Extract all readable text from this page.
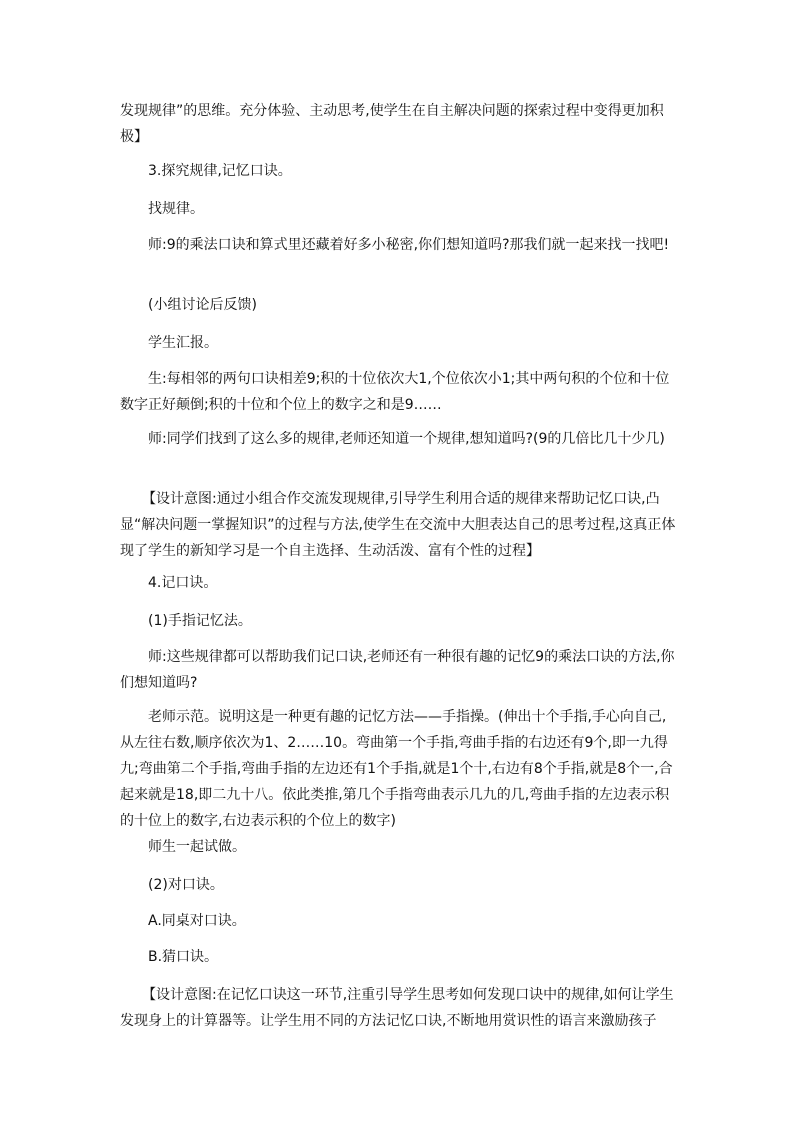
发现规律”的思维。充分体验、主动思考,使学生在自主解决问题的探索过程中变得更加积极】

3.探究规律,记忆口诀。

找规律。

师:9的乘法口诀和算式里还藏着好多小秘密,你们想知道吗?那我们就一起来找一找吧!

(小组讨论后反馈)

学生汇报。

生:每相邻的两句口诀相差9;积的十位依次大1,个位依次小1;其中两句积的个位和十位数字正好颠倒;积的十位和个位上的数字之和是9……

师:同学们找到了这么多的规律,老师还知道一个规律,想知道吗?(9的几倍比几十少几)

【设计意图:通过小组合作交流发现规律,引导学生利用合适的规律来帮助记忆口诀,凸显“解决问题一掌握知识”的过程与方法,使学生在交流中大胆表达自己的思考过程,这真正体现了学生的新知学习是一个自主选择、生动活泼、富有个性的过程】

4.记口诀。

(1)手指记忆法。

师:这些规律都可以帮助我们记口诀,老师还有一种很有趣的记忆9的乘法口诀的方法,你们想知道吗?

老师示范。说明这是一种更有趣的记忆方法——手指操。(伸出十个手指,手心向自己,从左往右数,顺序依次为1、2……10。弯曲第一个手指,弯曲手指的右边还有9个,即一九得九;弯曲第二个手指,弯曲手指的左边还有1个手指,就是1个十,右边有8个手指,就是8个一,合起来就是18,即二九十八。依此类推,第几个手指弯曲表示几九的几,弯曲手指的左边表示积的十位上的数字,右边表示积的个位上的数字)

师生一起试做。

(2)对口诀。

A.同桌对口诀。

B.猜口诀。

【设计意图:在记忆口诀这一环节,注重引导学生思考如何发现口诀中的规律,如何让学生发现身上的计算器等。让学生用不同的方法记忆口诀,不断地用赏识性的语言来激励孩子
